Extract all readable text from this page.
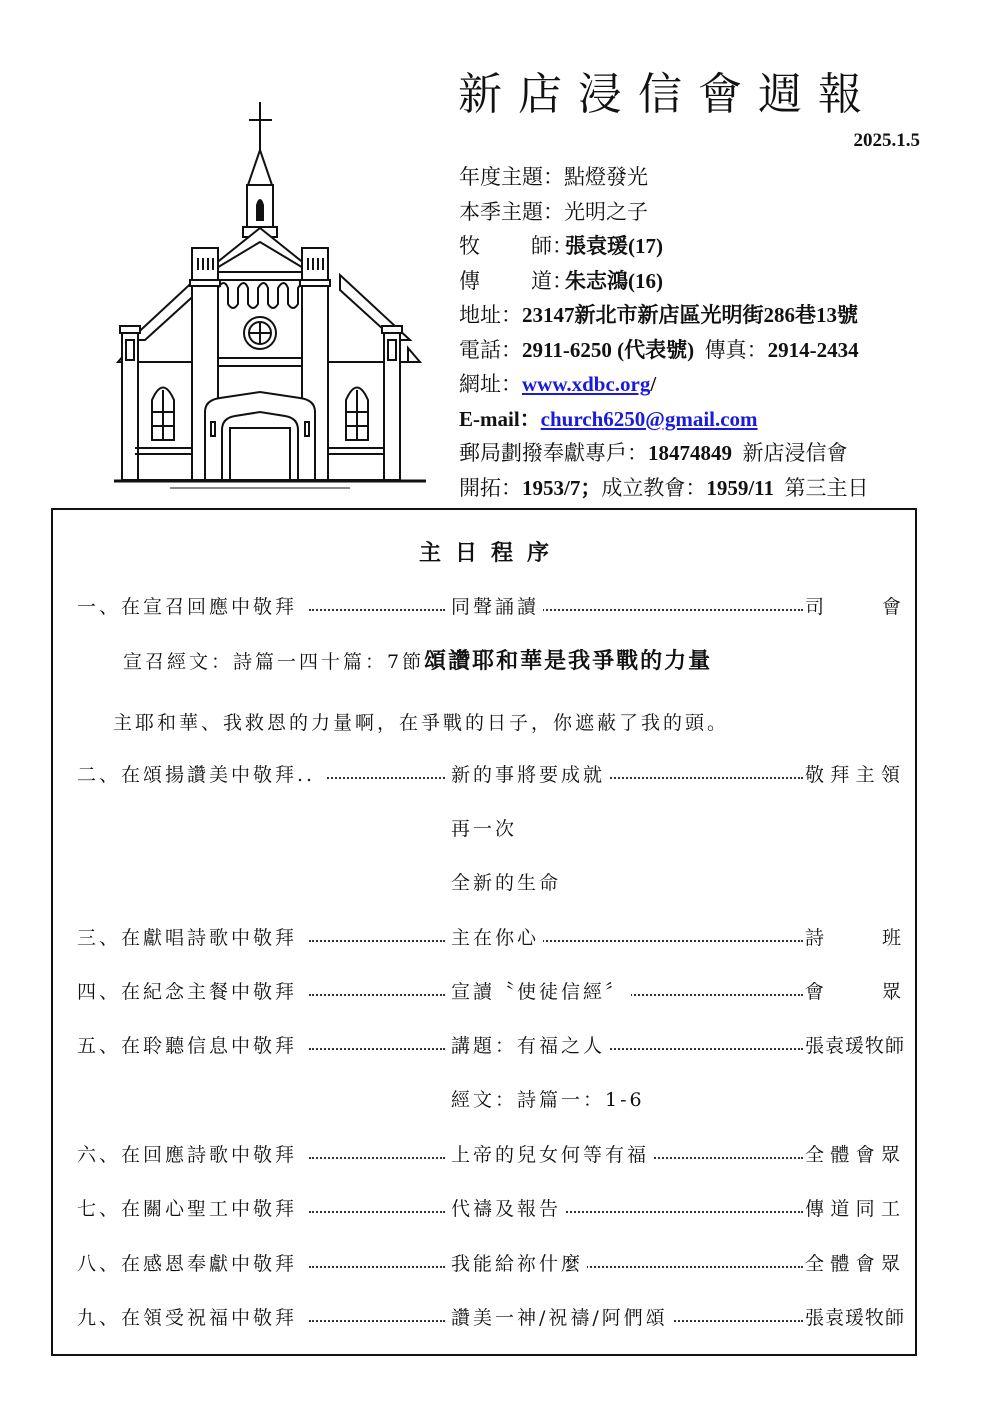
新店浸信會週報
2025.1.5
年度主題：點燈發光
本季主題：光明之子
牧 師：張袁瑗(17)
傳 道：朱志鴻(16)
地址：23147新北市新店區光明街286巷13號
電話：2911-6250 (代表號) 傳真：2914-2434
網址：www.xdbc.org/
E-mail：church6250@gmail.com
郵局劃撥奉獻專戶：18474849 新店浸信會
開拓：1953/7；成立教會：1959/11 第三主日
主日程序
一、在宣召回應中敬拜	同聲誦讀	司　　會
宣召經文：詩篇一四十篇：7節頌讚耶和華是我爭戰的力量
主耶和華、我救恩的力量啊，在爭戰的日子，你遮蔽了我的頭。
二、在頌揚讚美中敬拜..	新的事將要成就	敬拜主領
再一次
全新的生命
三、在獻唱詩歌中敬拜	主在你心	詩　　班
四、在紀念主餐中敬拜	宣讀〝使徒信經〞	會　　眾
五、在聆聽信息中敬拜	講題：有福之人	張袁瑗牧師
經文：詩篇一：1-6
六、在回應詩歌中敬拜	上帝的兒女何等有福	全體會眾
七、在關心聖工中敬拜	代禱及報告	傳道同工
八、在感恩奉獻中敬拜	我能給祢什麼	全體會眾
九、在領受祝福中敬拜	讚美一神/祝禱/阿們頌	張袁瑗牧師
